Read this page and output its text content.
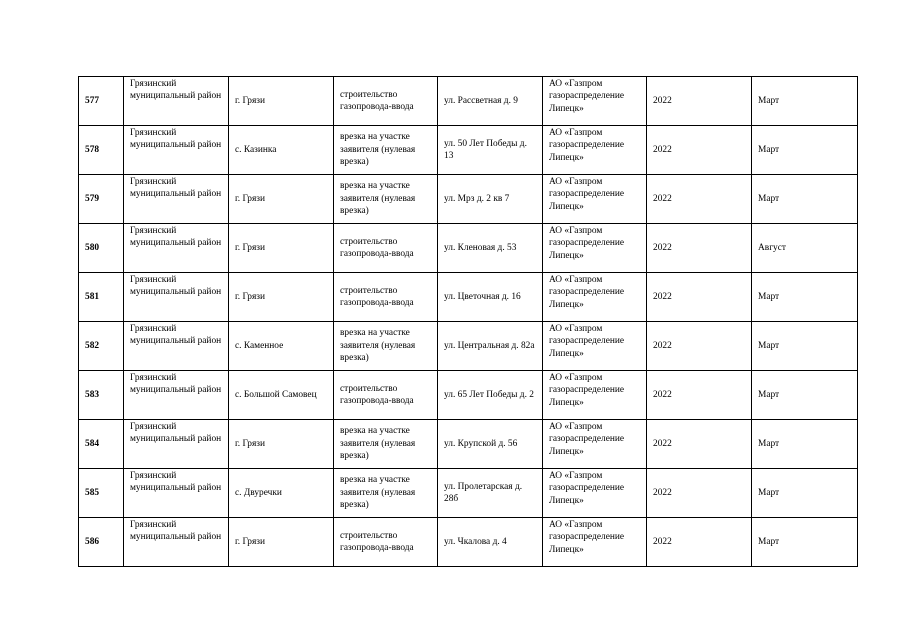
577	Грязинский муниципальный район	г. Грязи	строительство газопровода-ввода	ул. Рассветная д. 9	АО «Газпром газораспределение Липецк»	2022	Март
578	Грязинский муниципальный район	с. Казинка	врезка на участке заявителя (нулевая врезка)	ул. 50 Лет Победы д. 13	АО «Газпром газораспределение Липецк»	2022	Март
579	Грязинский муниципальный район	г. Грязи	врезка на участке заявителя (нулевая врезка)	ул. Мрз д. 2 кв 7	АО «Газпром газораспределение Липецк»	2022	Март
580	Грязинский муниципальный район	г. Грязи	строительство газопровода-ввода	ул. Кленовая д. 53	АО «Газпром газораспределение Липецк»	2022	Август
581	Грязинский муниципальный район	г. Грязи	строительство газопровода-ввода	ул. Цветочная д. 16	АО «Газпром газораспределение Липецк»	2022	Март
582	Грязинский муниципальный район	с. Каменное	врезка на участке заявителя (нулевая врезка)	ул. Центральная д. 82а	АО «Газпром газораспределение Липецк»	2022	Март
583	Грязинский муниципальный район	с. Большой Самовец	строительство газопровода-ввода	ул. 65 Лет Победы д. 2	АО «Газпром газораспределение Липецк»	2022	Март
584	Грязинский муниципальный район	г. Грязи	врезка на участке заявителя (нулевая врезка)	ул. Крупской д. 56	АО «Газпром газораспределение Липецк»	2022	Март
585	Грязинский муниципальный район	с. Двуречки	врезка на участке заявителя (нулевая врезка)	ул. Пролетарская д. 28б	АО «Газпром газораспределение Липецк»	2022	Март
586	Грязинский муниципальный район	г. Грязи	строительство газопровода-ввода	ул. Чкалова д. 4	АО «Газпром газораспределение Липецк»	2022	Март
